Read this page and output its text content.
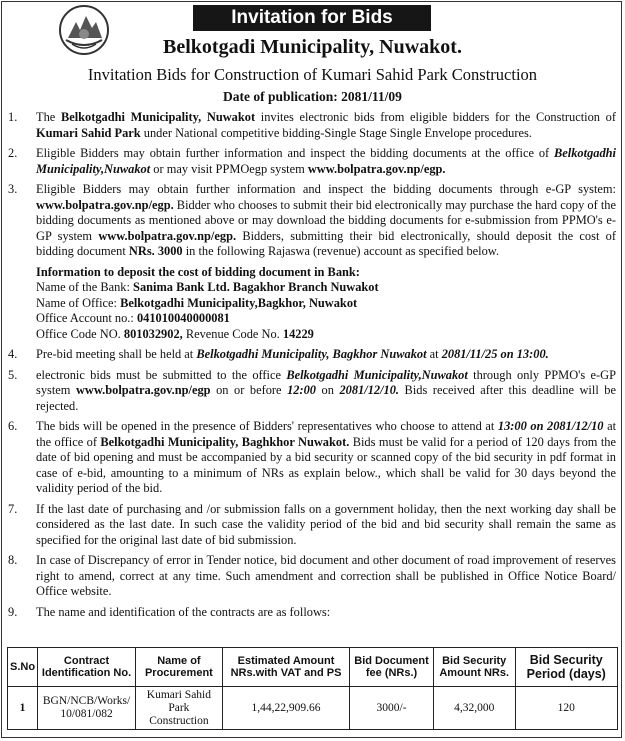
Invitation for Bids
Belkotgadi Municipality, Nuwakot.
Invitation Bids for Construction of Kumari Sahid Park Construction
Date of publication: 2081/11/09
1. The Belkotgadhi Municipality, Nuwakot invites electronic bids from eligible bidders for the Construction of Kumari Sahid Park under National competitive bidding-Single Stage Single Envelope procedures.
2. Eligible Bidders may obtain further information and inspect the bidding documents at the office of Belkotgadhi Municipality,Nuwakot or may visit PPMOegp system www.bolpatra.gov.np/egp.
3. Eligible Bidders may obtain further information and inspect the bidding documents through e-GP system: www.bolpatra.gov.np/egp. Bidder who chooses to submit their bid electronically may purchase the hard copy of the bidding documents as mentioned above or may download the bidding documents for e-submission from PPMO's e-GP system www.bolpatra.gov.np/egp. Bidders, submitting their bid electronically, should deposit the cost of bidding document NRs. 3000 in the following Rajaswa (revenue) account as specified below.
Information to deposit the cost of bidding document in Bank:
Name of the Bank: Sanima Bank Ltd. Bagakhor Branch Nuwakot
Name of Office: Belkotgadhi Municipality,Bagkhor, Nuwakot
Office Account no.: 041010040000081
Office Code NO. 801032902, Revenue Code No. 14229
4. Pre-bid meeting shall be held at Belkotgadhi Municipality, Bagkhor Nuwakot at 2081/11/25 on 13:00.
5. electronic bids must be submitted to the office Belkotgadhi Municipality,Nuwakot through only PPMO's e-GP system www.bolpatra.gov.np/egp on or before 12:00 on 2081/12/10. Bids received after this deadline will be rejected.
6. The bids will be opened in the presence of Bidders' representatives who choose to attend at 13:00 on 2081/12/10 at the office of Belkotgadhi Municipality, Baghkhor Nuwakot. Bids must be valid for a period of 120 days from the date of bid opening and must be accompanied by a bid security or scanned copy of the bid security in pdf format in case of e-bid, amounting to a minimum of NRs as explain below., which shall be valid for 30 days beyond the validity period of the bid.
7. If the last date of purchasing and /or submission falls on a government holiday, then the next working day shall be considered as the last date. In such case the validity period of the bid and bid security shall remain the same as specified for the original last date of bid submission.
8. In case of Discrepancy of error in Tender notice, bid document and other document of road improvement of reserves right to amend, correct at any time. Such amendment and correction shall be published in Office Notice Board/ Office website.
9. The name and identification of the contracts are as follows:
S.No	Contract Identification No.	Name of Procurement	Estimated Amount NRs.with VAT and PS	Bid Document fee (NRs.)	Bid Security Amount NRs.	Bid Security Period (days)
1	BGN/NCB/Works/ 10/081/082	Kumari Sahid Park Construction	1,44,22,909.66	3000/-	4,32,000	120
